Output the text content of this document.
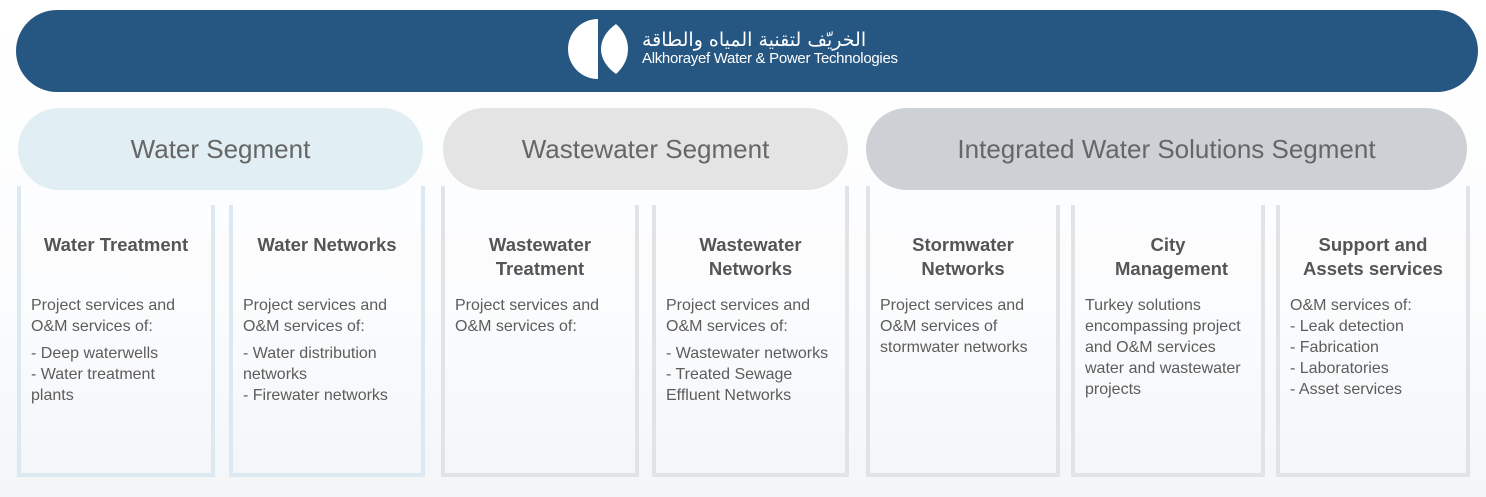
الخريّف لتقنية المياه والطاقة
Alkhorayef Water & Power Technologies
Water Segment	Wastewater Segment	Integrated Water Solutions Segment
Water Treatment
Project services and O&M services of:
- Deep waterwells
- Water treatment plants
Water Networks
Project services and O&M services of:
- Water distribution networks
- Firewater networks
Wastewater Treatment
Project services and O&M services of:
Wastewater Networks
Project services and O&M services of:
- Wastewater networks
- Treated Sewage Effluent Networks
Stormwater Networks
Project services and O&M services of stormwater networks
City Management
Turkey solutions encompassing project and O&M services water and wastewater projects
Support and Assets services
O&M services of:
- Leak detection
- Fabrication
- Laboratories
- Asset services
